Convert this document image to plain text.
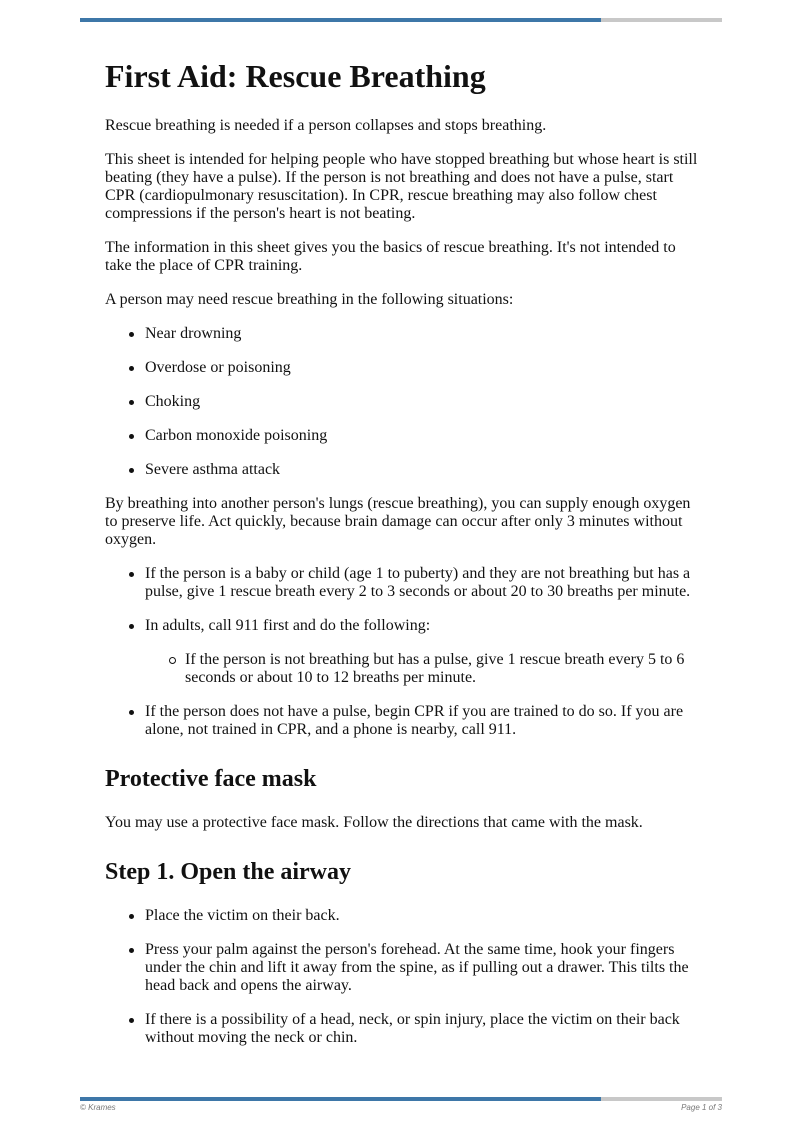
First Aid: Rescue Breathing

Rescue breathing is needed if a person collapses and stops breathing.

This sheet is intended for helping people who have stopped breathing but whose heart is still beating (they have a pulse). If the person is not breathing and does not have a pulse, start CPR (cardiopulmonary resuscitation). In CPR, rescue breathing may also follow chest compressions if the person's heart is not beating.

The information in this sheet gives you the basics of rescue breathing. It's not intended to take the place of CPR training.

A person may need rescue breathing in the following situations:

Near drowning
Overdose or poisoning
Choking
Carbon monoxide poisoning
Severe asthma attack

By breathing into another person's lungs (rescue breathing), you can supply enough oxygen to preserve life. Act quickly, because brain damage can occur after only 3 minutes without oxygen.

If the person is a baby or child (age 1 to puberty) and they are not breathing but has a pulse, give 1 rescue breath every 2 to 3 seconds or about 20 to 30 breaths per minute.
In adults, call 911 first and do the following:
If the person is not breathing but has a pulse, give 1 rescue breath every 5 to 6 seconds or about 10 to 12 breaths per minute.
If the person does not have a pulse, begin CPR if you are trained to do so. If you are alone, not trained in CPR, and a phone is nearby, call 911.
Protective face mask

You may use a protective face mask. Follow the directions that came with the mask.

Step 1. Open the airway
Place the victim on their back.
Press your palm against the person's forehead. At the same time, hook your fingers under the chin and lift it away from the spine, as if pulling out a drawer. This tilts the head back and opens the airway.
If there is a possibility of a head, neck, or spin injury, place the victim on their back without moving the neck or chin.
© Krames	Page 1 of 3
